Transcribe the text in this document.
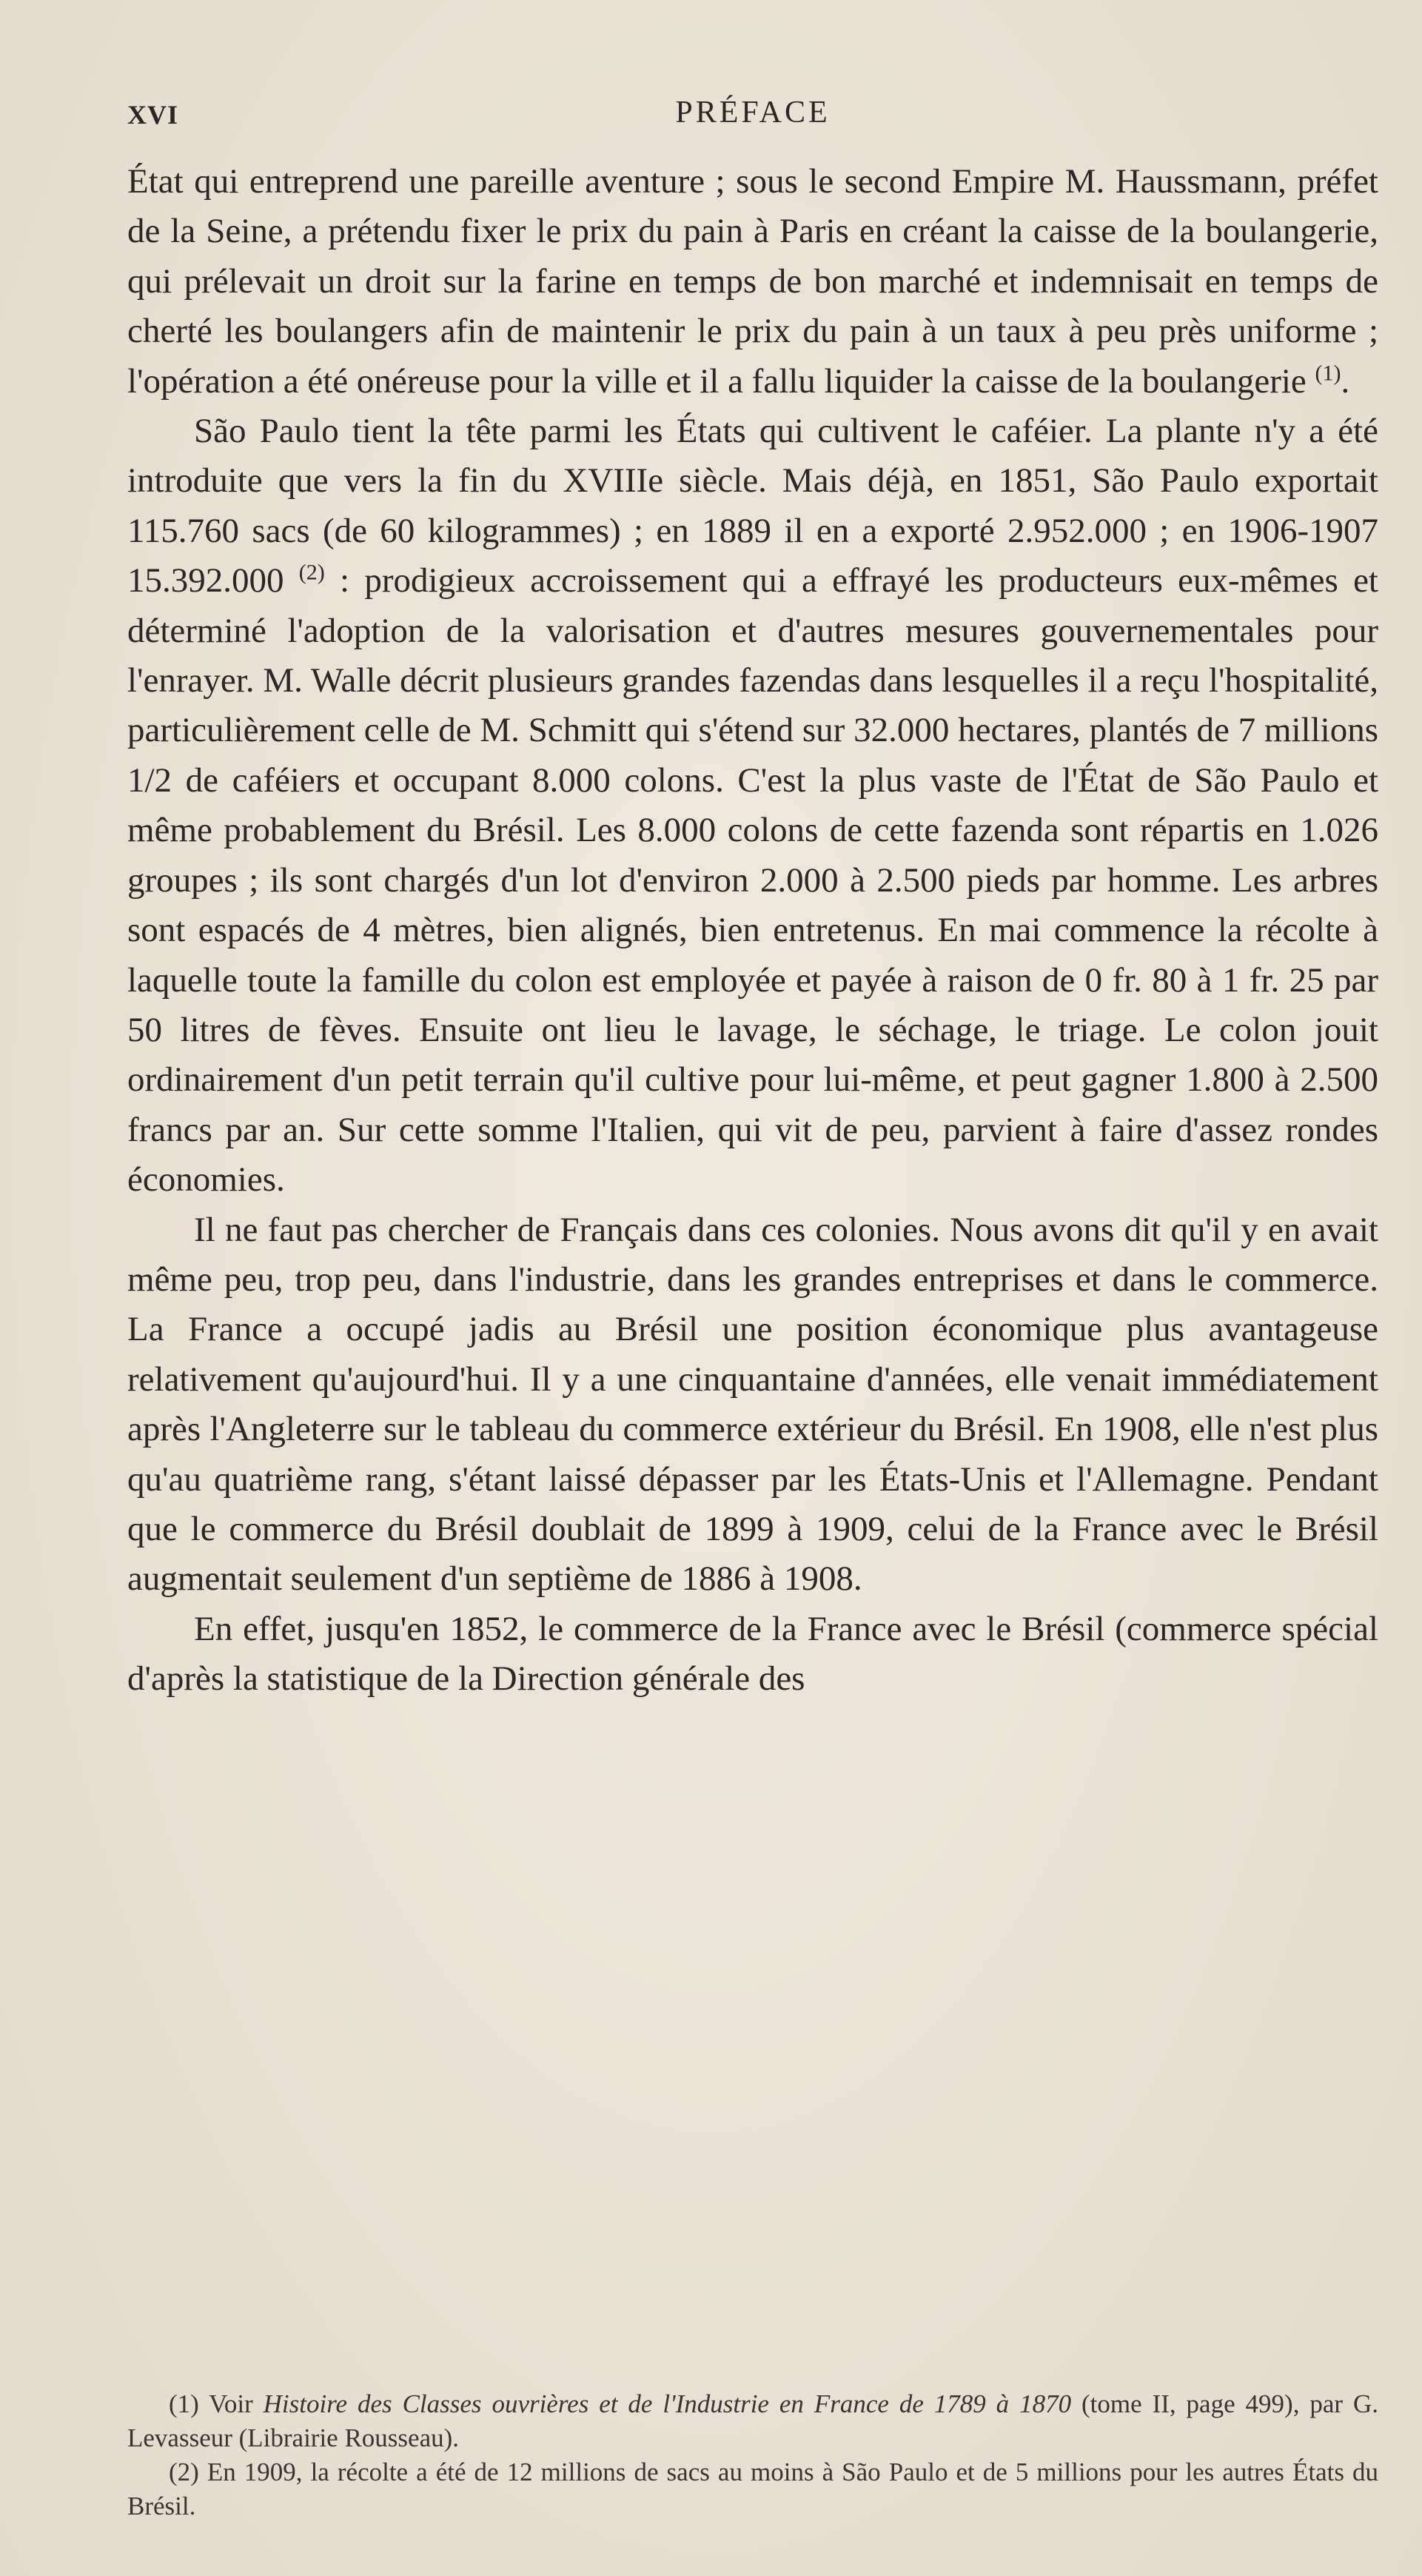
XVI	PRÉFACE

État qui entreprend une pareille aventure ; sous le second Empire M. Haussmann, préfet de la Seine, a prétendu fixer le prix du pain à Paris en créant la caisse de la boulangerie, qui prélevait un droit sur la farine en temps de bon marché et indemnisait en temps de cherté les boulangers afin de maintenir le prix du pain à un taux à peu près uniforme ; l'opération a été onéreuse pour la ville et il a fallu liquider la caisse de la boulangerie $^{(1)}$.

São Paulo tient la tête parmi les États qui cultivent le caféier. La plante n'y a été introduite que vers la fin du XVIIIe siècle. Mais déjà, en 1851, São Paulo exportait 115.760 sacs (de 60 kilogrammes) ; en 1889 il en a exporté 2.952.000 ; en 1906-1907 15.392.000 $^{(2)}$ : prodigieux accroissement qui a effrayé les producteurs eux-mêmes et déterminé l'adoption de la valorisation et d'autres mesures gouvernementales pour l'enrayer. M. Walle décrit plusieurs grandes fazendas dans lesquelles il a reçu l'hospitalité, particulièrement celle de M. Schmitt qui s'étend sur 32.000 hectares, plantés de 7 millions 1/2 de caféiers et occupant 8.000 colons. C'est la plus vaste de l'État de São Paulo et même probablement du Brésil. Les 8.000 colons de cette fazenda sont répartis en 1.026 groupes ; ils sont chargés d'un lot d'environ 2.000 à 2.500 pieds par homme. Les arbres sont espacés de 4 mètres, bien alignés, bien entretenus. En mai commence la récolte à laquelle toute la famille du colon est employée et payée à raison de 0 fr. 80 à 1 fr. 25 par 50 litres de fèves. Ensuite ont lieu le lavage, le séchage, le triage. Le colon jouit ordinairement d'un petit terrain qu'il cultive pour lui-même, et peut gagner 1.800 à 2.500 francs par an. Sur cette somme l'Italien, qui vit de peu, parvient à faire d'assez rondes économies.

Il ne faut pas chercher de Français dans ces colonies. Nous avons dit qu'il y en avait même peu, trop peu, dans l'industrie, dans les grandes entreprises et dans le commerce. La France a occupé jadis au Brésil une position économique plus avantageuse relativement qu'aujourd'hui. Il y a une cinquantaine d'années, elle venait immédiatement après l'Angleterre sur le tableau du commerce extérieur du Brésil. En 1908, elle n'est plus qu'au quatrième rang, s'étant laissé dépasser par les États-Unis et l'Allemagne. Pendant que le commerce du Brésil doublait de 1899 à 1909, celui de la France avec le Brésil augmentait seulement d'un septième de 1886 à 1908.

En effet, jusqu'en 1852, le commerce de la France avec le Brésil (commerce spécial d'après la statistique de la Direction générale des

(1) Voir Histoire des Classes ouvrières et de l'Industrie en France de 1789 à 1870 (tome II, page 499), par G. Levasseur (Librairie Rousseau).

(2) En 1909, la récolte a été de 12 millions de sacs au moins à São Paulo et de 5 millions pour les autres États du Brésil.
